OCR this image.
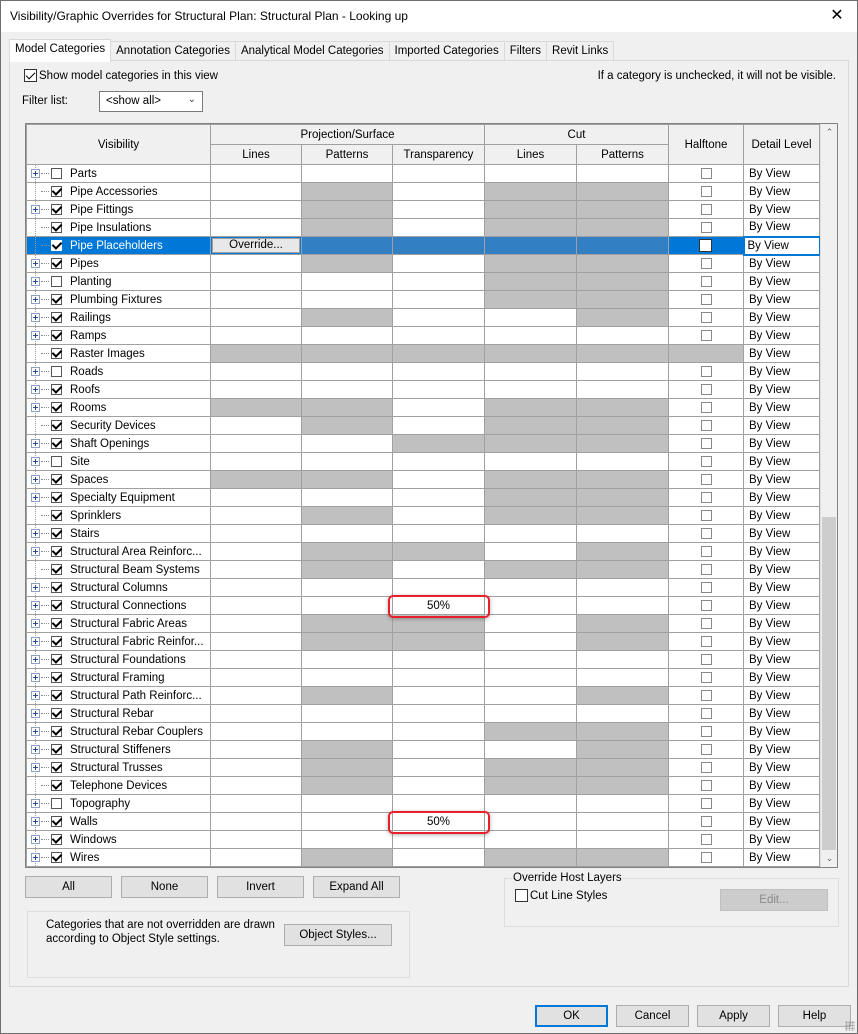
Visibility/Graphic Overrides for Structural Plan: Structural Plan - Looking up	✕
Model Categories Annotation Categories Analytical Model Categories Imported Categories Filters Revit Links
Show model categories in this view	If a category is unchecked, it will not be visible.
Filter list:	<show all>	⌄
Visibility	Projection/Surface			Cut		Halftone	Detail Level
	Lines	Patterns	Transparency	Lines	Patterns		

Parts							By View

Pipe Accessories							By View

Pipe Fittings							By View

Pipe Insulations							By View

Pipe Placeholders	Override...						By View

Pipes							By View

Planting							By View

Plumbing Fixtures							By View

Railings							By View

Ramps							By View

Raster Images							By View

Roads							By View

Roofs							By View

Rooms							By View

Security Devices							By View

Shaft Openings							By View

Site							By View

Spaces							By View

Specialty Equipment							By View

Sprinklers							By View

Stairs							By View

Structural Area Reinforc...							By View

Structural Beam Systems							By View

Structural Columns							By View

Structural Connections			50%				By View

Structural Fabric Areas							By View

Structural Fabric Reinfor...							By View

Structural Foundations							By View

Structural Framing							By View

Structural Path Reinforc...							By View

Structural Rebar							By View

Structural Rebar Couplers							By View

Structural Stiffeners							By View

Structural Trusses							By View

Telephone Devices							By View

Topography							By View

Walls			50%				By View

Windows							By View

Wires							By View
⌃
⌄
All	None	Invert	Expand All
Categories that are not overridden are drawn according to Object Style settings.	Object Styles...
Override Host Layers
Cut Line Styles	Edit...
OK	Cancel	Apply	Help
